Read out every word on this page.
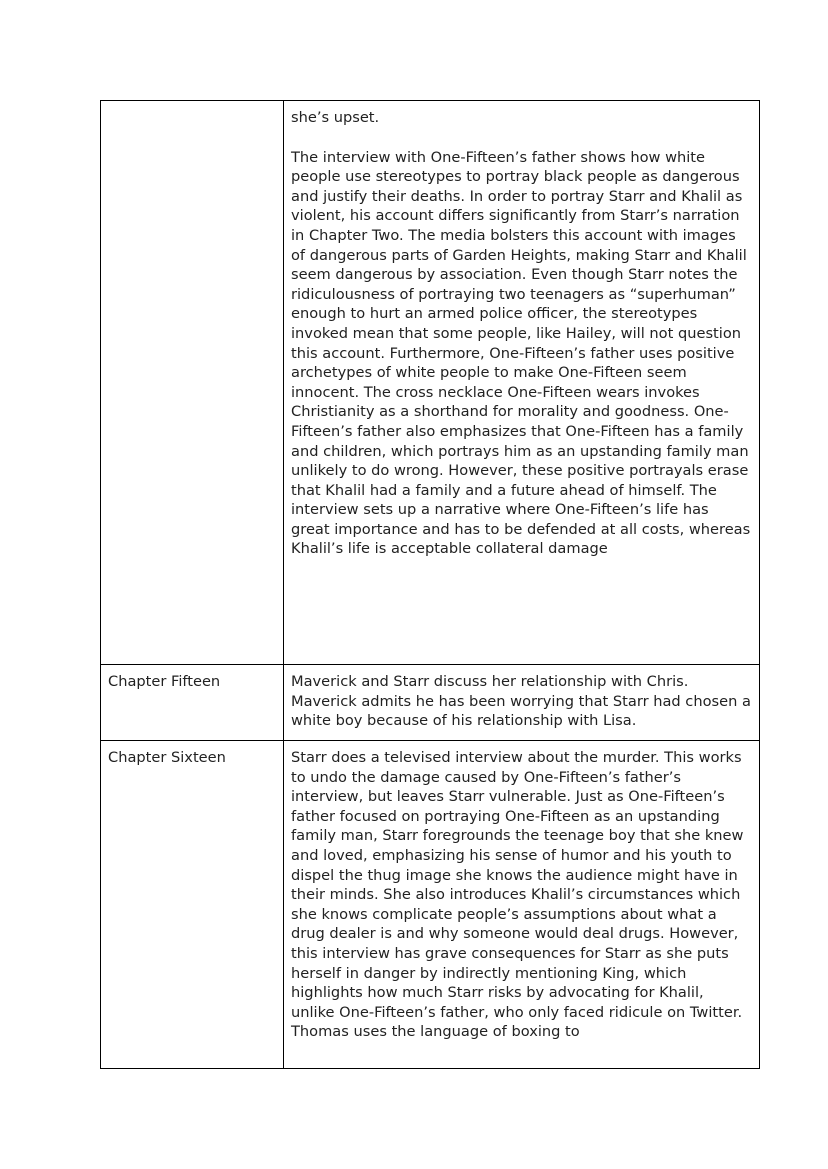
	she’s upset.

The interview with One-Fifteen’s father shows how white people use stereotypes to portray black people as dangerous and justify their deaths. In order to portray Starr and Khalil as violent, his account differs significantly from Starr’s narration in Chapter Two. The media bolsters this account with images of dangerous parts of Garden Heights, making Starr and Khalil seem dangerous by association. Even though Starr notes the ridiculousness of portraying two teenagers as “superhuman” enough to hurt an armed police officer, the stereotypes invoked mean that some people, like Hailey, will not question this account. Furthermore, One-Fifteen’s father uses positive archetypes of white people to make One-Fifteen seem innocent. The cross necklace One-Fifteen wears invokes Christianity as a shorthand for morality and goodness. One-Fifteen’s father also emphasizes that One-Fifteen has a family and children, which portrays him as an upstanding family man unlikely to do wrong. However, these positive portrayals erase that Khalil had a family and a future ahead of himself. The interview sets up a narrative where One-Fifteen’s life has great importance and has to be defended at all costs, whereas Khalil’s life is acceptable collateral damage

Chapter Fifteen	Maverick and Starr discuss her relationship with Chris. Maverick admits he has been worrying that Starr had chosen a white boy because of his relationship with Lisa.

Chapter Sixteen	Starr does a televised interview about the murder. This works to undo the damage caused by One-Fifteen’s father’s interview, but leaves Starr vulnerable. Just as One-Fifteen’s father focused on portraying One-Fifteen as an upstanding family man, Starr foregrounds the teenage boy that she knew and loved, emphasizing his sense of humor and his youth to dispel the thug image she knows the audience might have in their minds. She also introduces Khalil’s circumstances which she knows complicate people’s assumptions about what a drug dealer is and why someone would deal drugs. However, this interview has grave consequences for Starr as she puts herself in danger by indirectly mentioning King, which highlights how much Starr risks by advocating for Khalil, unlike One-Fifteen’s father, who only faced ridicule on Twitter. Thomas uses the language of boxing to
